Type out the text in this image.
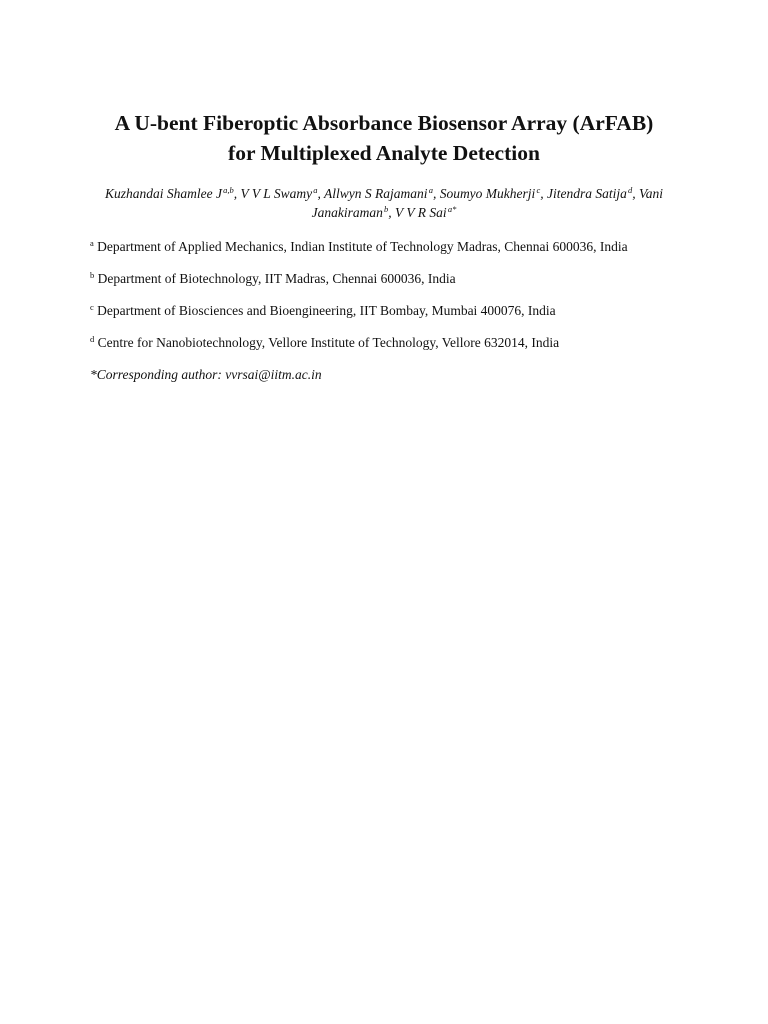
A U-bent Fiberoptic Absorbance Biosensor Array (ArFAB)
for Multiplexed Analyte Detection
Kuzhandai Shamlee J $^{a,b}$, V V L Swamy $^a$, Allwyn S Rajamani $^a$, Soumyo Mukherji $^c$, Jitendra Satija $^d$, Vani Janakiraman $^b$, V V R Sai $^{a*}$
$^a$ Department of Applied Mechanics, Indian Institute of Technology Madras, Chennai 600036, India
$^b$ Department of Biotechnology, IIT Madras, Chennai 600036, India
$^c$ Department of Biosciences and Bioengineering, IIT Bombay, Mumbai 400076, India
$^d$ Centre for Nanobiotechnology, Vellore Institute of Technology, Vellore 632014, India
*Corresponding author: vvrsai@iitm.ac.in
